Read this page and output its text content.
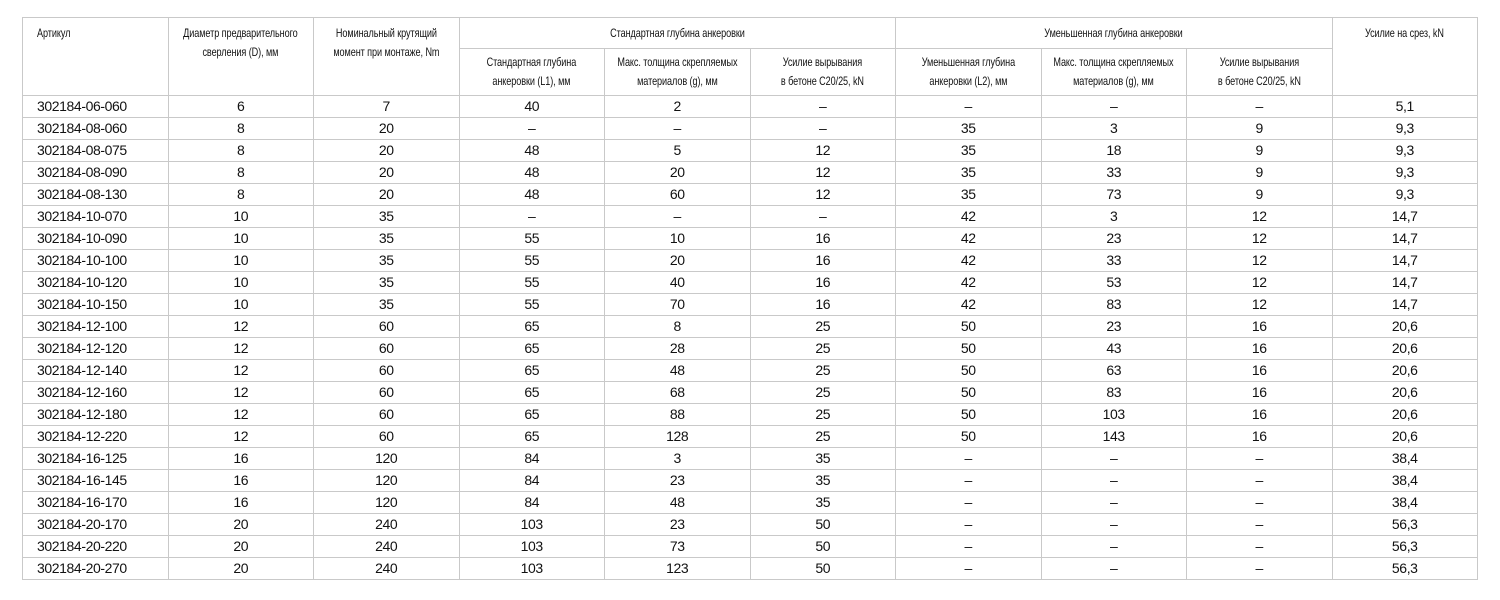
Артикул	Диаметр предварительного сверления (D), мм	Номинальный крутящий момент при монтаже, Nm	Стандартная глубина анкеровки			Уменьшенная глубина анкеровки			Усилие на срез, kN

			Стандартная глубина анкеровки (L1), мм	Макс. толщина скрепляемых материалов (g), мм	Усилие вырывания в бетоне C20/25, kN	Уменьшенная глубина анкеровки (L2), мм	Макс. толщина скрепляемых материалов (g), мм	Усилие вырывания в бетоне C20/25, kN	

302184-06-060	6	7	40	2	–	–	–	–	5,1
302184-08-060	8	20	–	–	–	35	3	9	9,3
302184-08-075	8	20	48	5	12	35	18	9	9,3
302184-08-090	8	20	48	20	12	35	33	9	9,3
302184-08-130	8	20	48	60	12	35	73	9	9,3
302184-10-070	10	35	–	–	–	42	3	12	14,7
302184-10-090	10	35	55	10	16	42	23	12	14,7
302184-10-100	10	35	55	20	16	42	33	12	14,7
302184-10-120	10	35	55	40	16	42	53	12	14,7
302184-10-150	10	35	55	70	16	42	83	12	14,7
302184-12-100	12	60	65	8	25	50	23	16	20,6
302184-12-120	12	60	65	28	25	50	43	16	20,6
302184-12-140	12	60	65	48	25	50	63	16	20,6
302184-12-160	12	60	65	68	25	50	83	16	20,6
302184-12-180	12	60	65	88	25	50	103	16	20,6
302184-12-220	12	60	65	128	25	50	143	16	20,6
302184-16-125	16	120	84	3	35	–	–	–	38,4
302184-16-145	16	120	84	23	35	–	–	–	38,4
302184-16-170	16	120	84	48	35	–	–	–	38,4
302184-20-170	20	240	103	23	50	–	–	–	56,3
302184-20-220	20	240	103	73	50	–	–	–	56,3
302184-20-270	20	240	103	123	50	–	–	–	56,3
